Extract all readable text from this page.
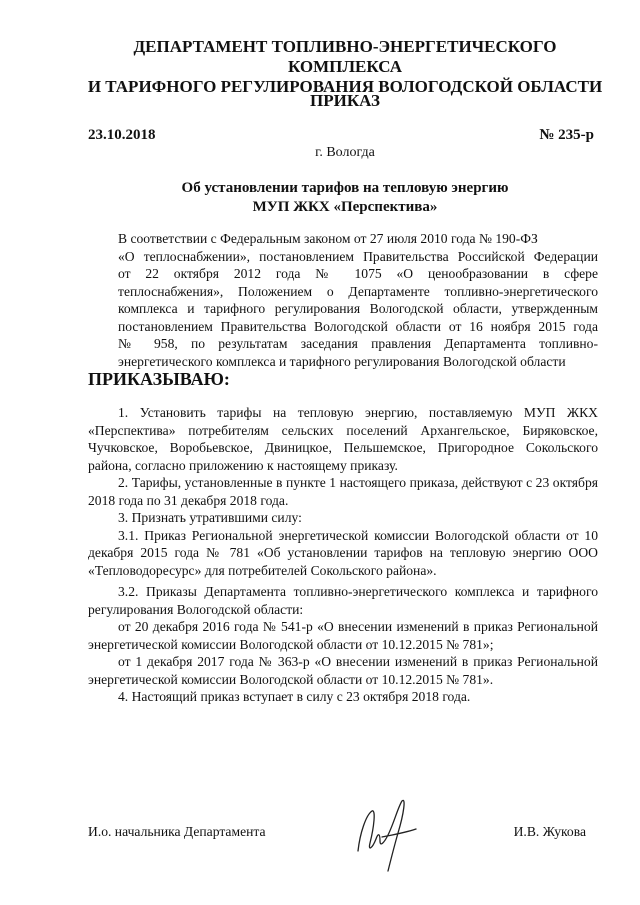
ДЕПАРТАМЕНТ ТОПЛИВНО-ЭНЕРГЕТИЧЕСКОГО КОМПЛЕКСА
И ТАРИФНОГО РЕГУЛИРОВАНИЯ ВОЛОГОДСКОЙ ОБЛАСТИ
ПРИКАЗ
23.10.2018	№ 235-р
г. Вологда
Об установлении тарифов на тепловую энергию
МУП ЖКХ «Перспектива»

В соответствии с Федеральным законом от 27 июля 2010 года № 190-ФЗ

«О теплоснабжении», постановлением Правительства Российской Федерации

от 22 октября 2012 года № 1075 «О ценообразовании в сфере

теплоснабжения», Положением о Департаменте топливно-энергетического

комплекса и тарифного регулирования Вологодской области, утвержденным

постановлением Правительства Вологодской области от 16 ноября 2015 года

№ 958, по результатам заседания правления Департамента топливно-

энергетического комплекса и тарифного регулирования Вологодской области

ПРИКАЗЫВАЮ:

1. Установить тарифы на тепловую энергию, поставляемую МУП ЖКХ «Перспектива» потребителям сельских поселений Архангельское, Биряковское, Чучковское, Воробьевское, Двиницкое, Пельшемское, Пригородное Сокольского района, согласно приложению к настоящему приказу.

2. Тарифы, установленные в пункте 1 настоящего приказа, действуют с 23 октября 2018 года по 31 декабря 2018 года.

3. Признать утратившими силу:

3.1. Приказ Региональной энергетической комиссии Вологодской области от 10 декабря 2015 года № 781 «Об установлении тарифов на тепловую энергию ООО «Тепловодоресурс» для потребителей Сокольского района».

3.2. Приказы Департамента топливно-энергетического комплекса и тарифного регулирования Вологодской области:

от 20 декабря 2016 года № 541-р «О внесении изменений в приказ Региональной энергетической комиссии Вологодской области от 10.12.2015 № 781»;

от 1 декабря 2017 года № 363-р «О внесении изменений в приказ Региональной энергетической комиссии Вологодской области от 10.12.2015 № 781».

4. Настоящий приказ вступает в силу с 23 октября 2018 года.

И.о. начальника Департамента	И.В. Жукова
